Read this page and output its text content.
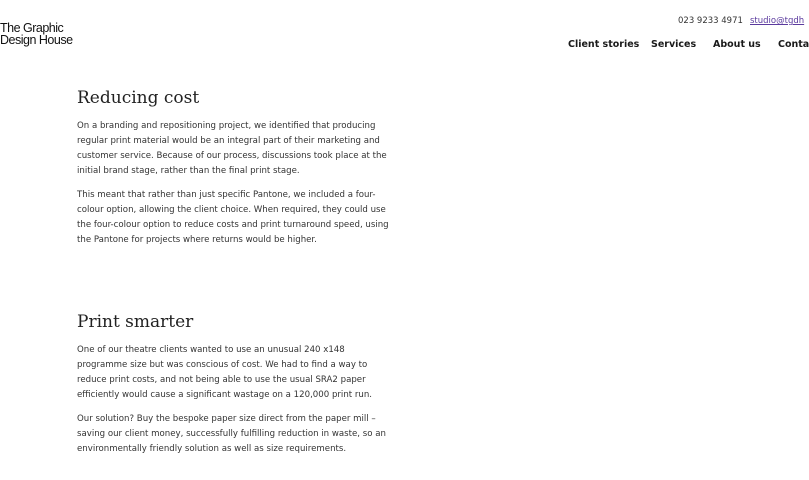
The Graphic
Design House
023 9233 4971 studio@tgdh
Client stories Services About us Conta
Reducing cost

On a branding and repositioning project, we identified that producing regular print material would be an integral part of their marketing and customer service. Because of our process, discussions took place at the initial brand stage, rather than the final print stage.

This meant that rather than just specific Pantone, we included a four-colour option, allowing the client choice. When required, they could use the four-colour option to reduce costs and print turnaround speed, using the Pantone for projects where returns would be higher.

Print smarter

One of our theatre clients wanted to use an unusual 240 x148 programme size but was conscious of cost. We had to find a way to reduce print costs, and not being able to use the usual SRA2 paper efficiently would cause a significant wastage on a 120,000 print run.

Our solution? Buy the bespoke paper size direct from the paper mill – saving our client money, successfully fulfilling reduction in waste, so an environmentally friendly solution as well as size requirements.
